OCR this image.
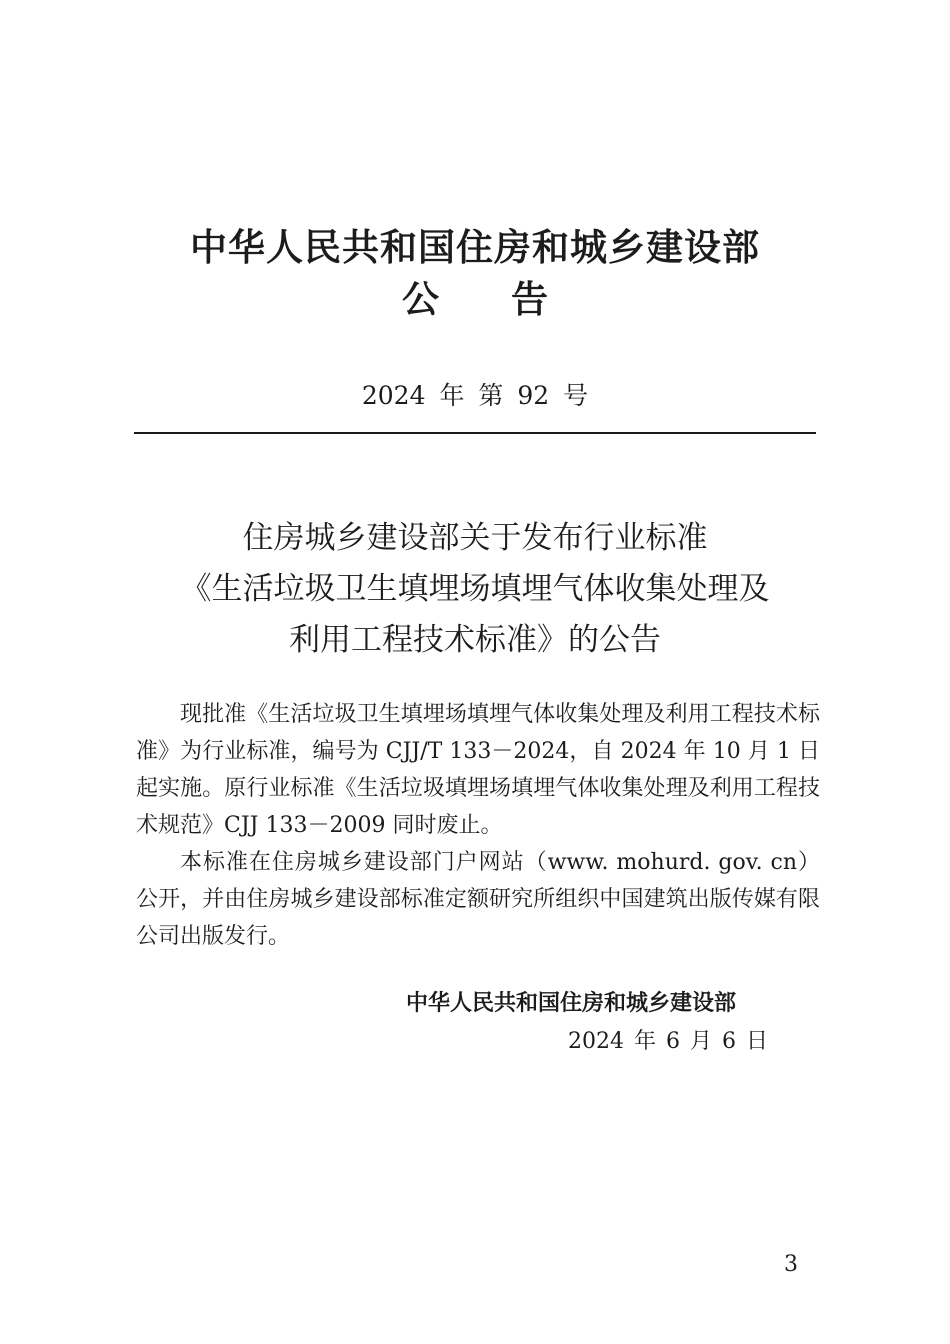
中华人民共和国住房和城乡建设部
公告
2024 年 第 92 号
住房城乡建设部关于发布行业标准
《生活垃圾卫生填埋场填埋气体收集处理及
利用工程技术标准》的公告

现批准《生活垃圾卫生填埋场填埋气体收集处理及利用工程技术标准》为行业标准，编号为 CJJ/T 133－2024，自 2024 年 10 月 1 日起实施。原行业标准《生活垃圾填埋场填埋气体收集处理及利用工程技术规范》CJJ 133－2009 同时废止。

本标准在住房城乡建设部门户网站（www. mohurd. gov. cn）公开，并由住房城乡建设部标准定额研究所组织中国建筑出版传媒有限公司出版发行。

中华人民共和国住房和城乡建设部
2024 年 6 月 6 日
3
